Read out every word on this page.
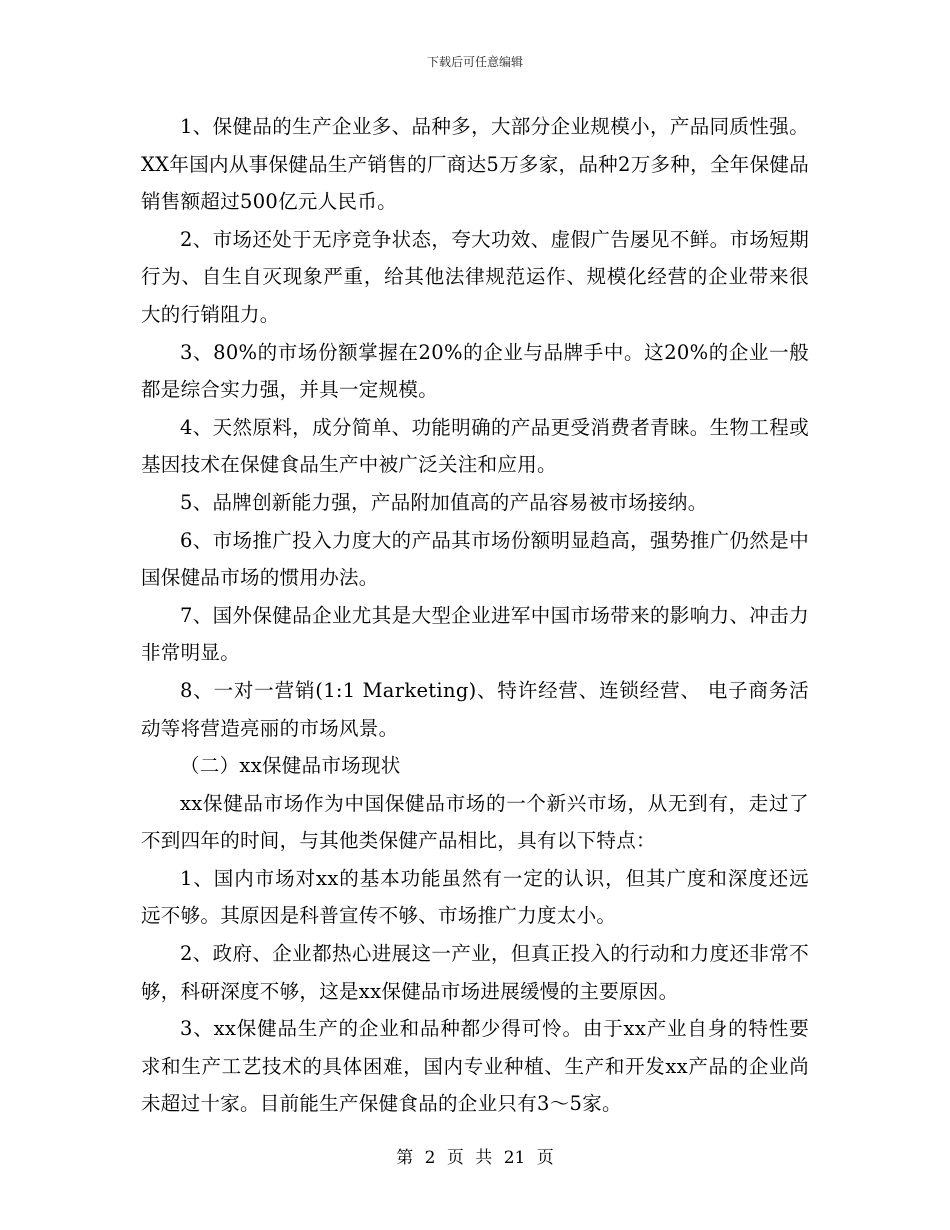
下载后可任意编辑

1、保健品的生产企业多、品种多，大部分企业规模小，产品同质性强。XX年国内从事保健品生产销售的厂商达5万多家，品种2万多种，全年保健品销售额超过500亿元人民币。

2、市场还处于无序竞争状态，夸大功效、虚假广告屡见不鲜。市场短期行为、自生自灭现象严重，给其他法律规范运作、规模化经营的企业带来很大的行销阻力。

3、80%的市场份额掌握在20%的企业与品牌手中。这20%的企业一般都是综合实力强，并具一定规模。

4、天然原料，成分简单、功能明确的产品更受消费者青睐。生物工程或基因技术在保健食品生产中被广泛关注和应用。

5、品牌创新能力强，产品附加值高的产品容易被市场接纳。

6、市场推广投入力度大的产品其市场份额明显趋高，强势推广仍然是中国保健品市场的惯用办法。

7、国外保健品企业尤其是大型企业进军中国市场带来的影响力、冲击力非常明显。

8、一对一营销(1:1 Marketing)、特许经营、连锁经营、 电子商务活动等将营造亮丽的市场风景。

（二）xx保健品市场现状

xx保健品市场作为中国保健品市场的一个新兴市场，从无到有，走过了不到四年的时间，与其他类保健产品相比，具有以下特点：

1、国内市场对xx的基本功能虽然有一定的认识，但其广度和深度还远远不够。其原因是科普宣传不够、市场推广力度太小。

2、政府、企业都热心进展这一产业，但真正投入的行动和力度还非常不够，科研深度不够，这是xx保健品市场进展缓慢的主要原因。

3、xx保健品生产的企业和品种都少得可怜。由于xx产业自身的特性要求和生产工艺技术的具体困难，国内专业种植、生产和开发xx产品的企业尚未超过十家。目前能生产保健食品的企业只有3～5家。

第 2 页 共 21 页
